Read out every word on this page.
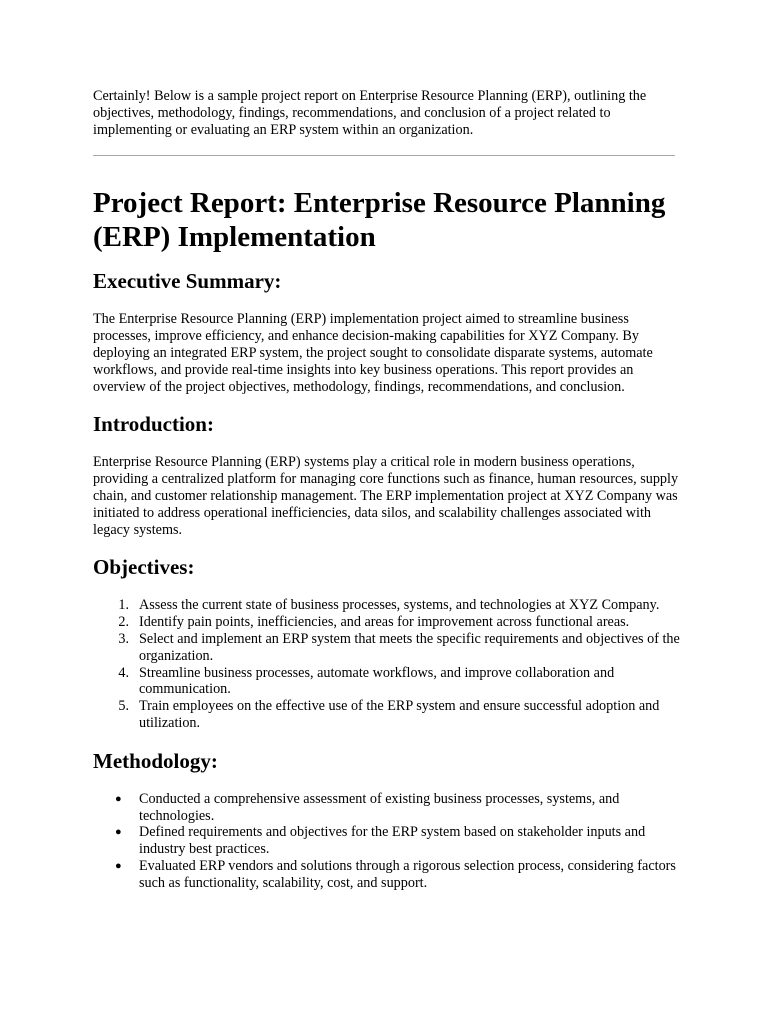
Certainly! Below is a sample project report on Enterprise Resource Planning (ERP), outlining the objectives, methodology, findings, recommendations, and conclusion of a project related to implementing or evaluating an ERP system within an organization.

Project Report: Enterprise Resource Planning (ERP) Implementation
Executive Summary:

The Enterprise Resource Planning (ERP) implementation project aimed to streamline business processes, improve efficiency, and enhance decision-making capabilities for XYZ Company. By deploying an integrated ERP system, the project sought to consolidate disparate systems, automate workflows, and provide real-time insights into key business operations. This report provides an overview of the project objectives, methodology, findings, recommendations, and conclusion.

Introduction:

Enterprise Resource Planning (ERP) systems play a critical role in modern business operations, providing a centralized platform for managing core functions such as finance, human resources, supply chain, and customer relationship management. The ERP implementation project at XYZ Company was initiated to address operational inefficiencies, data silos, and scalability challenges associated with legacy systems.

Objectives:
1. Assess the current state of business processes, systems, and technologies at XYZ Company.
2. Identify pain points, inefficiencies, and areas for improvement across functional areas.
3. Select and implement an ERP system that meets the specific requirements and objectives of the organization.
4. Streamline business processes, automate workflows, and improve collaboration and communication.
5. Train employees on the effective use of the ERP system and ensure successful adoption and utilization.
Methodology:
● Conducted a comprehensive assessment of existing business processes, systems, and technologies.
● Defined requirements and objectives for the ERP system based on stakeholder inputs and industry best practices.
● Evaluated ERP vendors and solutions through a rigorous selection process, considering factors such as functionality, scalability, cost, and support.
